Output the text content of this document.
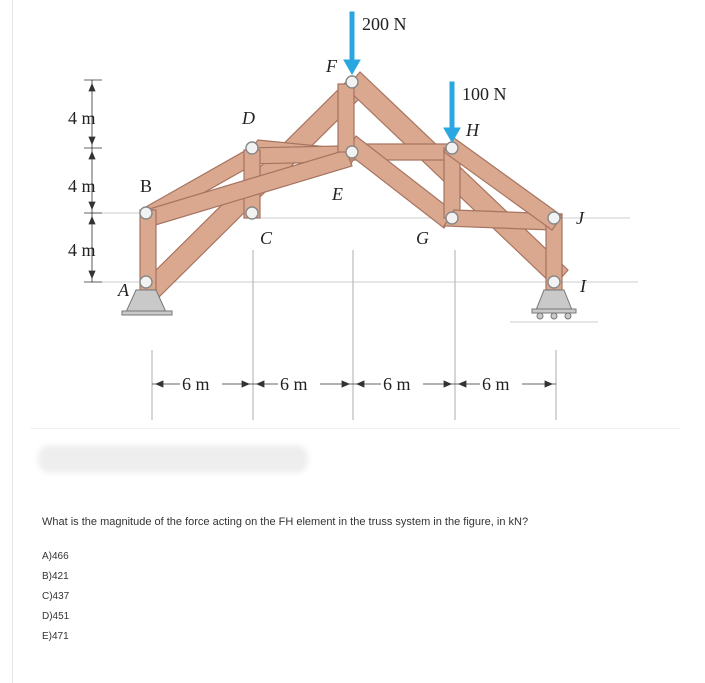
200 N
100 N
F
D
H
E
B
C	G
J
I
A
4 m
4 m
4 m
6 m	6 m	6 m	6 m
What is the magnitude of the force acting on the FH element in the truss system in the figure, in kN?
A)466
B)421
C)437
D)451
E)471
